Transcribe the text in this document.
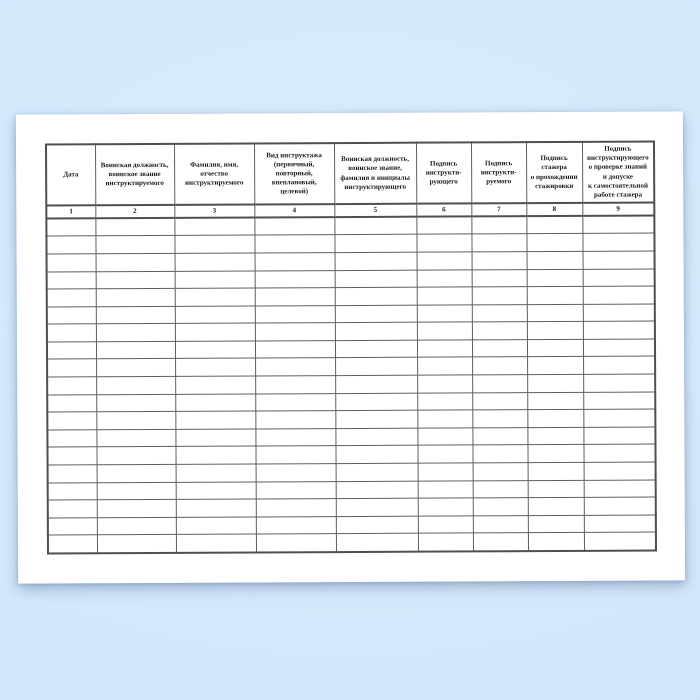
Дата	Воинская должность,
воинское звание
инструктируемого	Фамилия, имя,
отчество
инструктируемого	Вид инструктажа
(первичный,
повторный,
внеплановый,
целевой)	Воинская должность,
воинское звание,
фамилия и инициалы
инструктирующего	Подпись
инструкти-
рующего	Подпись
инструкти-
руемого	Подпись
стажера
о прохождении
стажировки	Подпись
инструктирующего
о проверке знаний
и допуске
к самостоятельной
работе стажера
1	2	3	4	5	6	7	8	9
